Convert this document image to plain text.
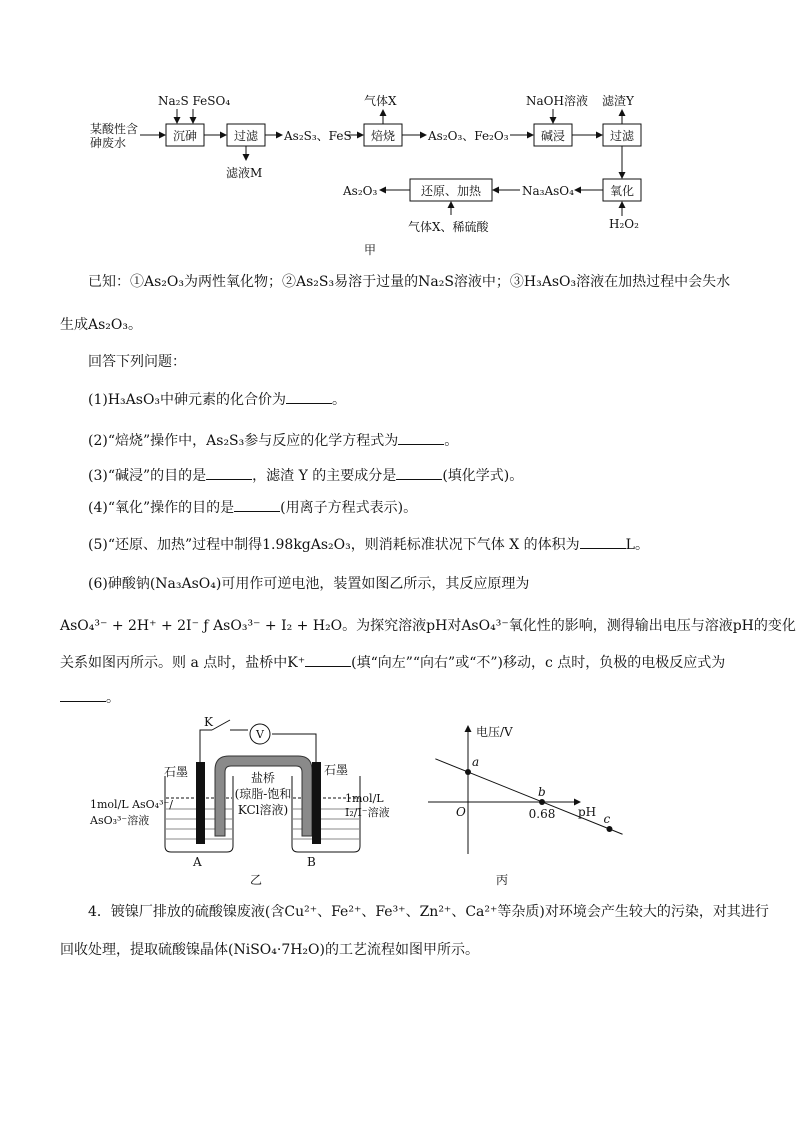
Na₂S FeSO₄
某酸性含
砷废水	沉砷	过滤
滤液M
As₂S₃、FeS
气体X
焙烧	As₂O₃、Fe₂O₃
NaOH溶液
碱浸
滤渣Y
过滤
氧化
H₂O₂
Na₃AsO₄
还原、加热
气体X、稀硫酸
As₂O₃
甲
已知：①As₂O₃为两性氧化物；②As₂S₃易溶于过量的Na₂S溶液中；③H₃AsO₃溶液在加热过程中会失水
生成As₂O₃。
回答下列问题：
(1)H₃AsO₃中砷元素的化合价为	。
(2)“焙烧”操作中，As₂S₃参与反应的化学方程式为	。
(3)“碱浸”的目的是	，滤渣 Y 的主要成分是	(填化学式)。
(4)“氧化”操作的目的是	(用离子方程式表示)。
(5)“还原、加热”过程中制得1.98kgAs₂O₃，则消耗标准状况下气体 X 的体积为	L。
(6)砷酸钠(Na₃AsO₄)可用作可逆电池，装置如图乙所示，其反应原理为
AsO₄³⁻ + 2H⁺ + 2I⁻ ƒ AsO₃³⁻ + I₂ + H₂O。为探究溶液pH对AsO₄³⁻氧化性的影响，测得输出电压与溶液pH的变化
关系如图丙所示。则 a 点时，盐桥中K⁺	(填“向左”“向右”或“不”)移动，c 点时，负极的电极反应式为
。
K
V
石墨	石墨
盐桥
(琼脂-饱和
KCl溶液)
1mol/L AsO₄³⁻/
AsO₃³⁻溶液
1mol/L
I₂/I⁻溶液
A	B
乙
a
b
c
电压/V
pH
O	0.68
丙
4．镀镍厂排放的硫酸镍废液(含Cu²⁺、Fe²⁺、Fe³⁺、Zn²⁺、Ca²⁺等杂质)对环境会产生较大的污染，对其进行
回收处理，提取硫酸镍晶体(NiSO₄·7H₂O)的工艺流程如图甲所示。
